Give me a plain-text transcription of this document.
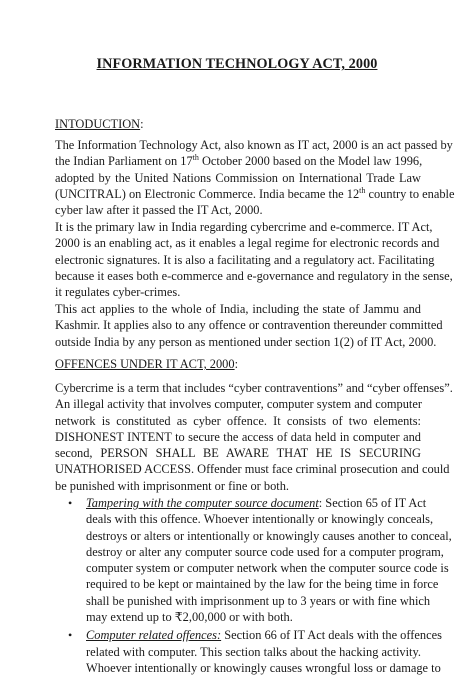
INFORMATION TECHNOLOGY ACT, 2000
INTODUCTION:
The Information Technology Act, also known as IT act, 2000 is an act passed by
the Indian Parliament on 17th October 2000 based on the Model law 1996,
adopted by the United Nations Commission on International Trade Law
(UNCITRAL) on Electronic Commerce. India became the 12th country to enable
cyber law after it passed the IT Act, 2000.
It is the primary law in India regarding cybercrime and e-commerce. IT Act,
2000 is an enabling act, as it enables a legal regime for electronic records and
electronic signatures. It is also a facilitating and a regulatory act. Facilitating
because it eases both e-commerce and e-governance and regulatory in the sense,
it regulates cyber-crimes.
This act applies to the whole of India, including the state of Jammu and
Kashmir. It applies also to any offence or contravention thereunder committed
outside India by any person as mentioned under section 1(2) of IT Act, 2000.
OFFENCES UNDER IT ACT, 2000:
Cybercrime is a term that includes “cyber contraventions” and “cyber offenses”.
An illegal activity that involves computer, computer system and computer
network is constituted as cyber offence. It consists of two elements:
DISHONEST INTENT to secure the access of data held in computer and
second, PERSON SHALL BE AWARE THAT HE IS SECURING
UNATHORISED ACCESS. Offender must face criminal prosecution and could
be punished with imprisonment or fine or both.
• Tampering with the computer source document: Section 65 of IT Act
deals with this offence. Whoever intentionally or knowingly conceals,
destroys or alters or intentionally or knowingly causes another to conceal,
destroy or alter any computer source code used for a computer program,
computer system or computer network when the computer source code is
required to be kept or maintained by the law for the being time in force
shall be punished with imprisonment up to 3 years or with fine which
may extend up to ₹2,00,000 or with both.
• Computer related offences: Section 66 of IT Act deals with the offences
related with computer. This section talks about the hacking activity.
Whoever intentionally or knowingly causes wrongful loss or damage to
